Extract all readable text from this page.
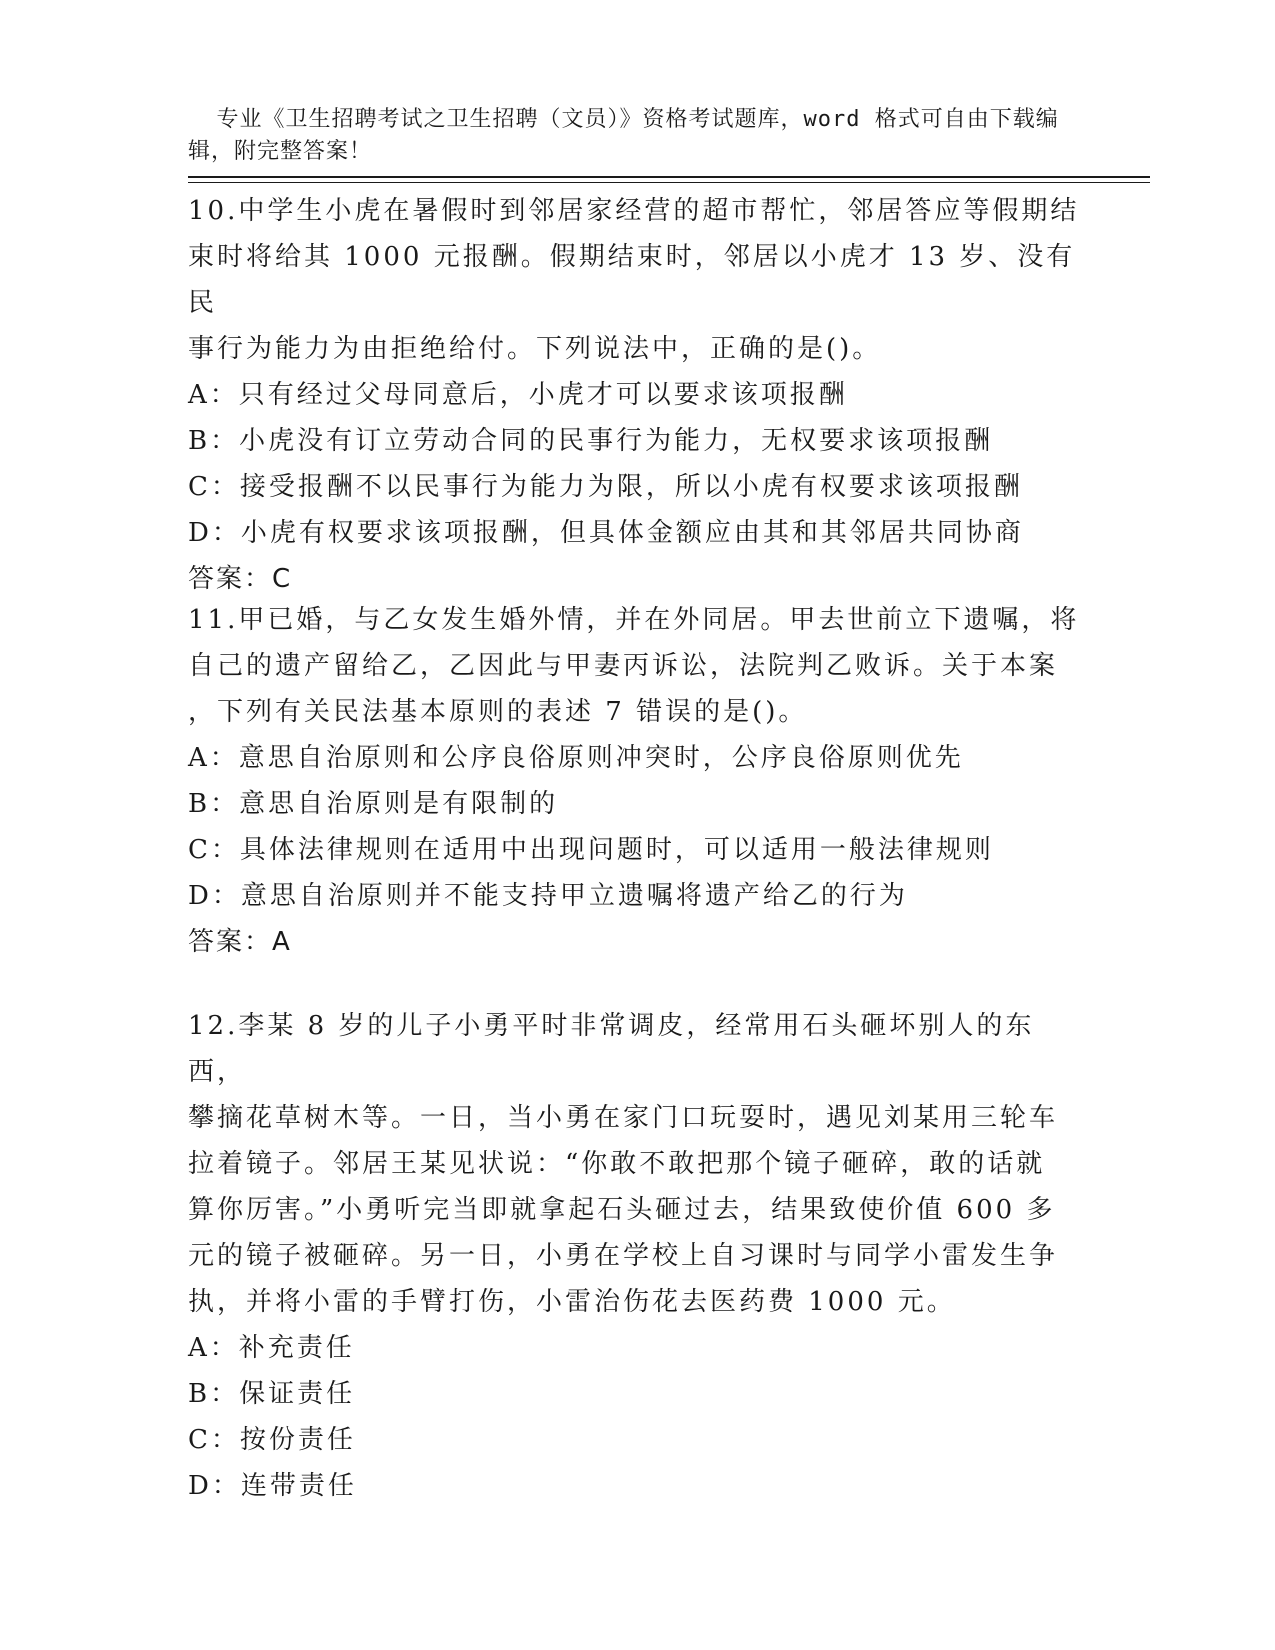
专业《卫生招聘考试之卫生招聘（文员）》资格考试题库，word 格式可自由下载编辑，附完整答案！

10.中学生小虎在暑假时到邻居家经营的超市帮忙，邻居答应等假期结
束时将给其 1000 元报酬。假期结束时，邻居以小虎才 13 岁、没有民
事行为能力为由拒绝给付。下列说法中，正确的是()。
A：只有经过父母同意后，小虎才可以要求该项报酬
B：小虎没有订立劳动合同的民事行为能力，无权要求该项报酬
C：接受报酬不以民事行为能力为限，所以小虎有权要求该项报酬
D：小虎有权要求该项报酬，但具体金额应由其和其邻居共同协商
答案：C
11.甲已婚，与乙女发生婚外情，并在外同居。甲去世前立下遗嘱，将
自己的遗产留给乙，乙因此与甲妻丙诉讼，法院判乙败诉。关于本案
，下列有关民法基本原则的表述 7 错误的是()。
A：意思自治原则和公序良俗原则冲突时，公序良俗原则优先
B：意思自治原则是有限制的
C：具体法律规则在适用中出现问题时，可以适用一般法律规则
D：意思自治原则并不能支持甲立遗嘱将遗产给乙的行为
答案：A
12.李某 8 岁的儿子小勇平时非常调皮，经常用石头砸坏别人的东西，
攀摘花草树木等。一日，当小勇在家门口玩耍时，遇见刘某用三轮车
拉着镜子。邻居王某见状说：“你敢不敢把那个镜子砸碎，敢的话就
算你厉害。”小勇听完当即就拿起石头砸过去，结果致使价值 600 多
元的镜子被砸碎。另一日，小勇在学校上自习课时与同学小雷发生争
执，并将小雷的手臂打伤，小雷治伤花去医药费 1000 元。
A：补充责任
B：保证责任
C：按份责任
D：连带责任
